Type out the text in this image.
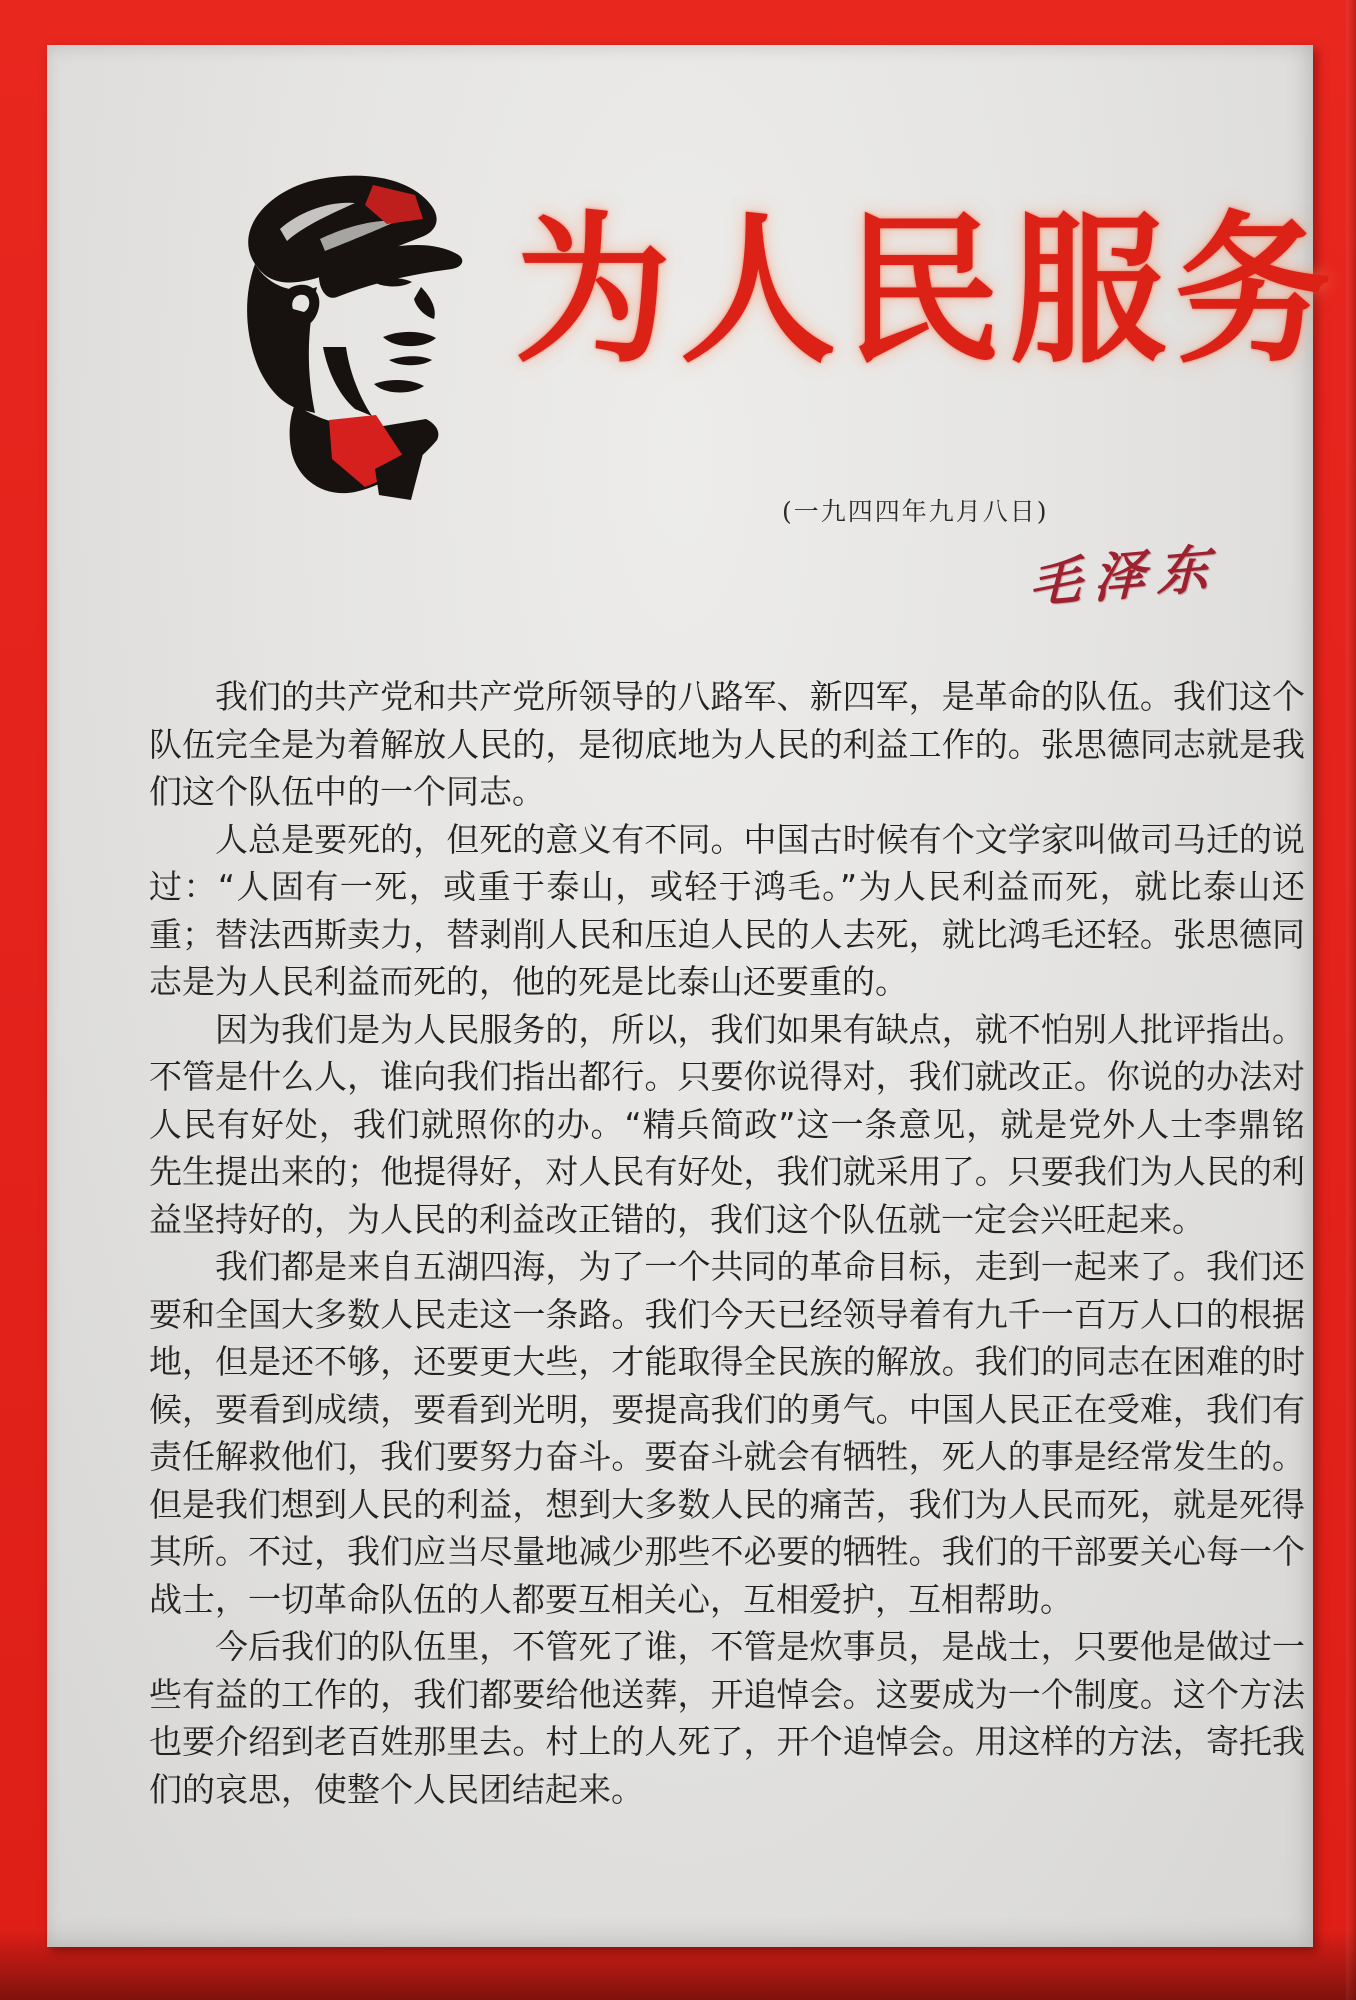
为人民服务
(一九四四年九月八日)
毛泽东

我们的共产党和共产党所领导的八路军、新四军，是革命的队伍。我们这个队伍完全是为着解放人民的，是彻底地为人民的利益工作的。张思德同志就是我们这个队伍中的一个同志。

人总是要死的，但死的意义有不同。中国古时候有个文学家叫做司马迁的说过：“人固有一死，或重于泰山，或轻于鸿毛。”为人民利益而死，就比泰山还重；替法西斯卖力，替剥削人民和压迫人民的人去死，就比鸿毛还轻。张思德同志是为人民利益而死的，他的死是比泰山还要重的。

因为我们是为人民服务的，所以，我们如果有缺点，就不怕别人批评指出。不管是什么人，谁向我们指出都行。只要你说得对，我们就改正。你说的办法对人民有好处，我们就照你的办。“精兵简政”这一条意见，就是党外人士李鼎铭先生提出来的；他提得好，对人民有好处，我们就采用了。只要我们为人民的利益坚持好的，为人民的利益改正错的，我们这个队伍就一定会兴旺起来。

我们都是来自五湖四海，为了一个共同的革命目标，走到一起来了。我们还要和全国大多数人民走这一条路。我们今天已经领导着有九千一百万人口的根据地，但是还不够，还要更大些，才能取得全民族的解放。我们的同志在困难的时候，要看到成绩，要看到光明，要提高我们的勇气。中国人民正在受难，我们有责任解救他们，我们要努力奋斗。要奋斗就会有牺牲，死人的事是经常发生的。但是我们想到人民的利益，想到大多数人民的痛苦，我们为人民而死，就是死得其所。不过，我们应当尽量地减少那些不必要的牺牲。我们的干部要关心每一个战士，一切革命队伍的人都要互相关心，互相爱护，互相帮助。

今后我们的队伍里，不管死了谁，不管是炊事员，是战士，只要他是做过一些有益的工作的，我们都要给他送葬，开追悼会。这要成为一个制度。这个方法也要介绍到老百姓那里去。村上的人死了，开个追悼会。用这样的方法，寄托我们的哀思，使整个人民团结起来。
